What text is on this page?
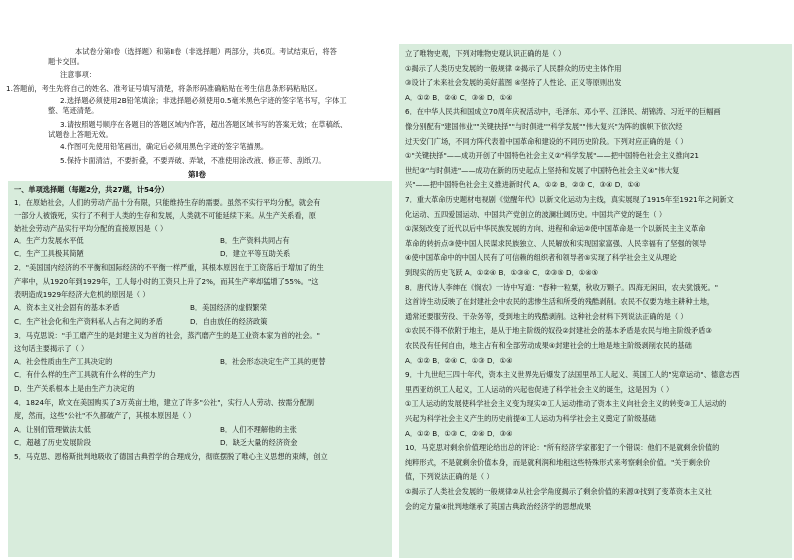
本试卷分第Ⅰ卷（选择题）和第Ⅱ卷（非选择题）两部分，共6页。考试结束后，将答
题卡交回。
注意事项：
1.答题前，考生先将自己的姓名、准考证号填写清楚，将条形码准确粘贴在考生信息条形码粘贴区。
2.选择题必须使用2B铅笔填涂；非选择题必须使用0.5毫米黑色字迹的签字笔书写，字体工
整、笔迹清楚。
3.请按照题号顺序在各题目的答题区域内作答，超出答题区域书写的答案无效；在草稿纸、
试题卷上答题无效。
4.作图可先使用铅笔画出，确定后必须用黑色字迹的签字笔描黑。
5.保持卡面清洁，不要折叠，不要弄破、弄皱，不准使用涂改液、修正带、刮纸刀。
第Ⅰ卷
一、单项选择题（每题2分，共27题，计54分）
1．在原始社会，人们的劳动产品十分有限，只能维持生存的需要。虽然不实行平均分配，就会有
一部分人被饿死，实行了不利于人类的生存和发展，人类就不可能延续下来。从生产关系看，原
始社会劳动产品实行平均分配的直接原因是（ ）
A．生产力发展水平低	B．生产资料共同占有
C．生产工具极其简陋	D．建立平等互助关系
2．"美国国内经济的不平衡和国际经济的不平衡一样严重，其根本原因在于工资落后于增加了的生
产率中，从1920年到1929年，工人每小时的工资只上升了2%，而其生产率却猛增了55%。"这
表明造成1929年经济大危机的原因是（ ）
A．资本主义社会固有的基本矛盾	B．美国经济的虚假繁荣
C．生产社会化和生产资料私人占有之间的矛盾	D．自由放任的经济政策
3．马克思说："手工磨产生的是封建主义为首的社会，蒸汽磨产生的是工业资本家为首的社会。"
这句话主要揭示了（ ）
A．社会性质由生产工具决定的	B．社会形态决定生产工具的更替
C．有什么样的生产工具就有什么样的生产力
D．生产关系根本上是由生产力决定的
4．1824年，欧文在美国购买了3万英亩土地，建立了许多"公社"，实行人人劳动、按需分配制
度，然而，这些"公社"不久都破产了，其根本原因是（ ）
A．让别们管理做法太低	B．人们不理解他的主张
C．超越了历史发展阶段	D．缺乏大量的经济资金
5．马克思、恩格斯批判地吸收了德国古典哲学的合理成分，彻底摆脱了唯心主义思想的束缚，创立
立了唯物史观，下列对唯物史观认识正确的是（ ）
①揭示了人类历史发展的一般规律 ②揭示了人民群众的历史主体作用
③设计了未来社会发展的美好蓝图 ④坚持了人性论、正义等原则出发
A．①② B．②④ C．③④ D．①④
6．在中华人民共和国成立70周年庆祝活动中，毛泽东、邓小平、江泽民、胡锦涛、习近平的巨幅画
像分别配有"建国伟业""关键抉择""与时俱进""科学发展""伟大复兴"为阵的旗帜下依次经
过天安门广场，不同方阵代表着中国革命和建设的不同历史阶段。下列对应正确的是（ ）
①"关键抉择"——成功开创了中国特色社会主义②"科学发展"——把中国特色社会主义推向21
世纪③"与时俱进"——成功在新的历史起点上坚持和发展了中国特色社会主义④"伟大复
兴"——把中国特色社会主义推进新时代 A．①② B．②③ C．③④ D．①④
7．重大革命历史题材电视剧《觉醒年代》以新文化运动为主线，真实展现了1915年至1921年之间新文
化运动、五四爱国运动、中国共产党创立的波澜壮阔历史。中国共产党的诞生（ ）
①深刻改变了近代以后中华民族发展的方向、进程和命运②使中国革命是一个以新民主主义革命
革命的转折点③使中国人民谋求民族独立、人民解放和实现国家富强、人民幸福有了坚强的领导
④使中国革命中的中国人民有了可信赖的组织者和领导者⑤实现了科学社会主义从理论
到现实的历史飞跃 A．①②④ B．①③④ C．②③⑤ D．①④⑤
8．唐代诗人李绅在《悯农》一诗中写道："春种一粒粟，秋收万颗子。四海无闲田，农夫犹饿死。"
这首诗生动反映了在封建社会中农民的悲惨生活和所受的残酷剥削。农民不仅要为地主耕种土地，
通常还要服劳役、干杂务等，受到地主的残酷剥削。这种社会材料下列说法正确的是（ ）
①农民不得不依附于地主，是从于地主阶级的奴役②封建社会的基本矛盾是农民与地主阶级矛盾③
农民没有任何自由，地主占有和全部劳动成果④封建社会的土地是地主阶级剥削农民的基础
A．①② B．②④ C．①③ D．①④
9．十九世纪三四十年代，资本主义世界先后爆发了法国里昂工人起义、英国工人的"宪章运动"、德意志西
里西亚纺织工人起义，工人运动的兴起也促进了科学社会主义的诞生，这是因为（ ）
①工人运动的发展使科学社会主义变为现实②工人运动推动了资本主义向社会主义的转变③工人运动的
兴起为科学社会主义产生的历史前提④工人运动为科学社会主义奠定了阶级基础
A．①② B．①③ C．②④ D．③④
10．马克思对剩余价值理论给出总的评论："所有经济学家都犯了一个错误：他们不是就剩余价值的
纯粹形式，不是就剩余价值本身，而是就利润和地租这些特殊形式来考察剩余价值。"关于剩余价
值，下列说法正确的是（ ）
①揭示了人类社会发展的一般规律②从社会学角度揭示了剩余价值的来源③找到了变革资本主义社
会的定方量④批判地继承了英国古典政治经济学的思想成果
